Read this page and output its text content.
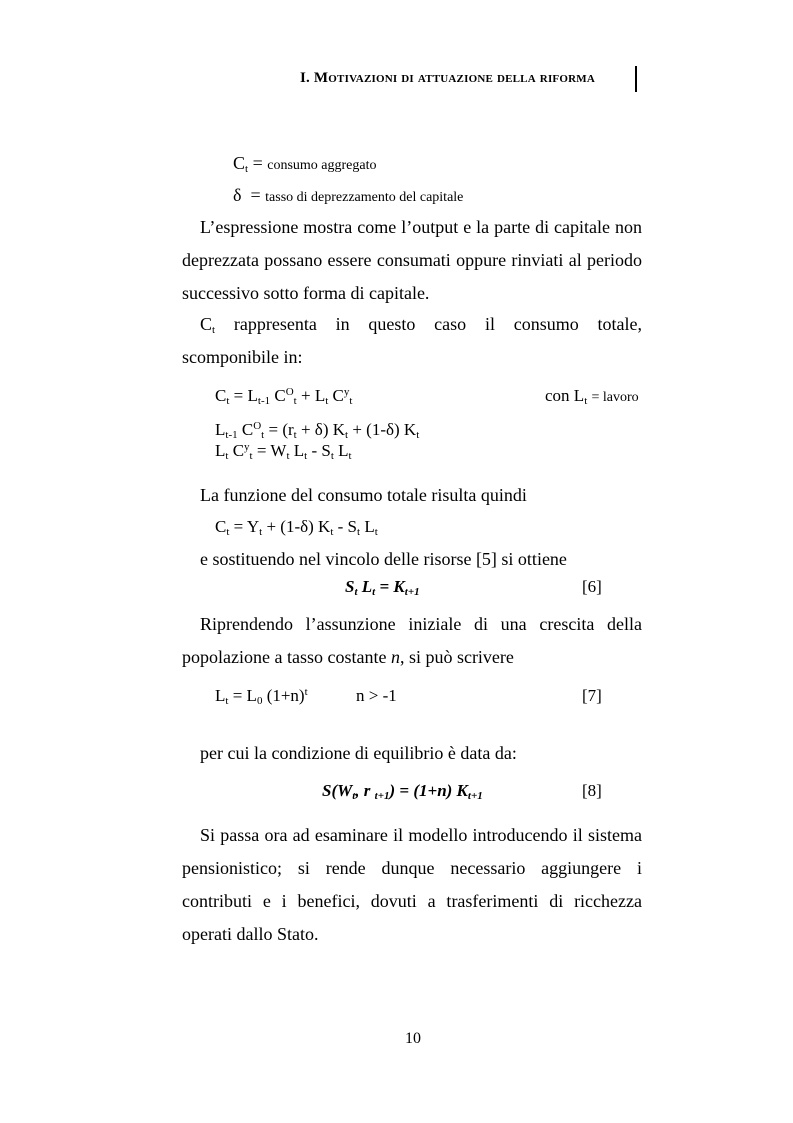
I. Motivazioni di attuazione della riforma
$C_t$ = consumo aggregato
δ = tasso di deprezzamento del capitale
L’espressione mostra come l’output e la parte di capitale non deprezzata possano essere consumati oppure rinviati al periodo successivo sotto forma di capitale.
$C_t$ rappresenta in questo caso il consumo totale,
scomponibile in:
$C_t = L_{t-1}$ $C^O_t + L_t$ $C^y_t$	con $L_t$ = lavoro
$L_{t-1}$ $C^O_t = (r_t + \delta) K_t + (1-\delta)$ $K_t$
$L_t$ $C^y_t = W_t$ $L_t - S_t$ $L_t$
La funzione del consumo totale risulta quindi
$C_t = Y_t + (1-\delta)$ $K_t - S_t$ $L_t$
e sostituendo nel vincolo delle risorse [5] si ottiene
$S_t$ $L_t = K_{t+1}$	[6]
Riprendendo l’assunzione iniziale di una crescita della popolazione a tasso costante n, si può scrivere
$L_t = L_0$ $(1+n)^t$	n > -1	[7]
per cui la condizione di equilibrio è data da:
$S(W_t$, r $_{t+1}$) = (1+n) $K_{t+1}$	[8]
Si passa ora ad esaminare il modello introducendo il sistema pensionistico; si rende dunque necessario aggiungere i contributi e i benefici, dovuti a trasferimenti di ricchezza operati dallo Stato.
10
